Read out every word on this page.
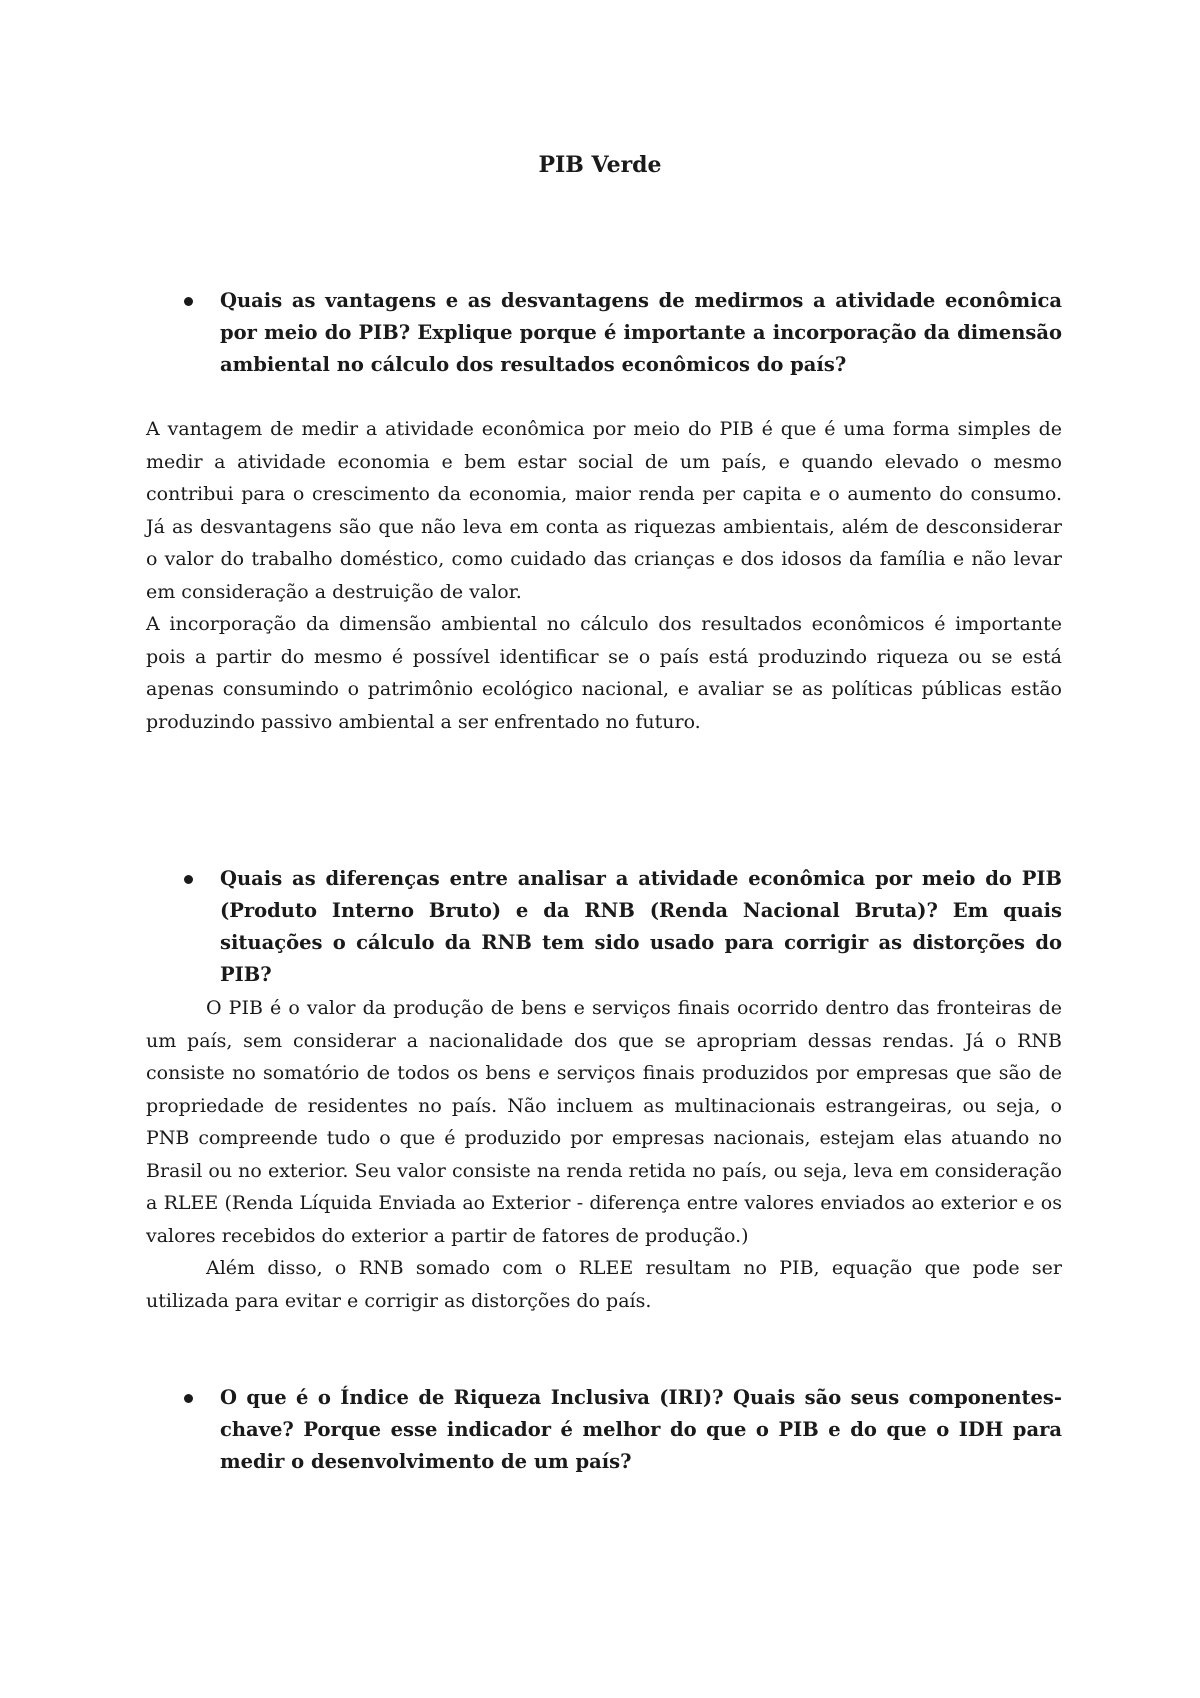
PIB Verde
Quais as vantagens e as desvantagens de medirmos a atividade econômica por meio do PIB? Explique porque é importante a incorporação da dimensão ambiental no cálculo dos resultados econômicos do país?

A vantagem de medir a atividade econômica por meio do PIB é que é uma forma simples de medir a atividade economia e bem estar social de um país, e quando elevado o mesmo contribui para o crescimento da economia, maior renda per capita e o aumento do consumo. Já as desvantagens são que não leva em conta as riquezas ambientais, além de desconsiderar o valor do trabalho doméstico, como cuidado das crianças e dos idosos da família e não levar em consideração a destruição de valor.

A incorporação da dimensão ambiental no cálculo dos resultados econômicos é importante pois a partir do mesmo é possível identificar se o país está produzindo riqueza ou se está apenas consumindo o patrimônio ecológico nacional, e avaliar se as políticas públicas estão produzindo passivo ambiental a ser enfrentado no futuro.

Quais as diferenças entre analisar a atividade econômica por meio do PIB (Produto Interno Bruto) e da RNB (Renda Nacional Bruta)? Em quais situações o cálculo da RNB tem sido usado para corrigir as distorções do PIB?

O PIB é o valor da produção de bens e serviços finais ocorrido dentro das fronteiras de um país, sem considerar a nacionalidade dos que se apropriam dessas rendas. Já o RNB consiste no somatório de todos os bens e serviços finais produzidos por empresas que são de propriedade de residentes no país. Não incluem as multinacionais estrangeiras, ou seja, o PNB compreende tudo o que é produzido por empresas nacionais, estejam elas atuando no Brasil ou no exterior. Seu valor consiste na renda retida no país, ou seja, leva em consideração a RLEE (Renda Líquida Enviada ao Exterior - diferença entre valores enviados ao exterior e os valores recebidos do exterior a partir de fatores de produção.)

Além disso, o RNB somado com o RLEE resultam no PIB, equação que pode ser utilizada para evitar e corrigir as distorções do país.

O que é o Índice de Riqueza Inclusiva (IRI)? Quais são seus componentes-chave? Porque esse indicador é melhor do que o PIB e do que o IDH para medir o desenvolvimento de um país?
